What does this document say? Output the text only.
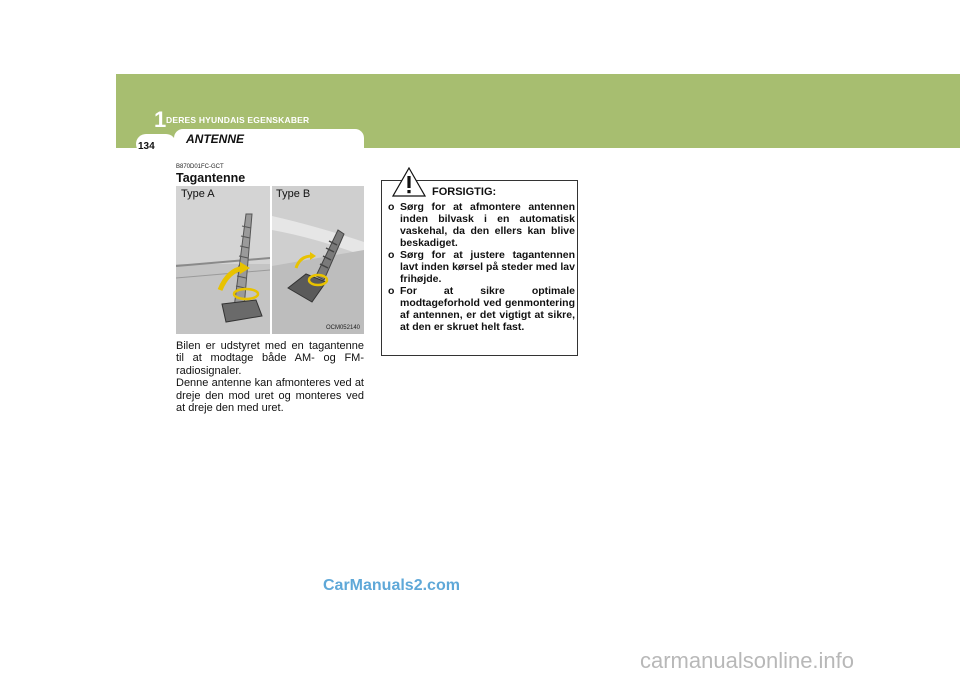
1 DERES HYUNDAIS EGENSKABER
ANTENNE
134
B870D01FC-GCT
Tagantenne
Type A	Type B
OCM052140

Bilen er udstyret med en tagantenne til at modtage både AM- og FM-radiosignaler.

Denne antenne kan afmonteres ved at dreje den mod uret og monteres ved at dreje den med uret.

FORSIGTIG:
o Sørg for at afmontere antennen inden bilvask i en automatisk vaskehal, da den ellers kan blive beskadiget.
o Sørg for at justere tagantennen lavt inden kørsel på steder med lav frihøjde.
o For at sikre optimale modtageforhold ved genmontering af antennen, er det vigtigt at sikre, at den er skruet helt fast.
CarManuals2.com
carmanualsonline.info
